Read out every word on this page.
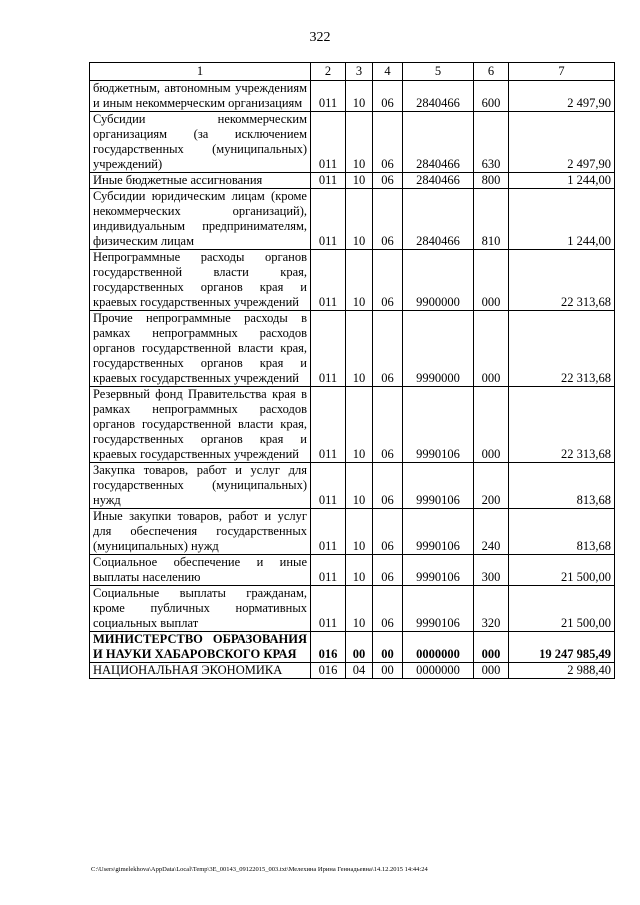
322
1	2	3	4	5	6	7
бюджетным, автономным учреждениям и иным некоммерческим организациям	011	10	06	2840466	600	2 497,90
Субсидии некоммерческим организациям (за исключением государственных (муниципальных) учреждений)	011	10	06	2840466	630	2 497,90
Иные бюджетные ассигнования	011	10	06	2840466	800	1 244,00
Субсидии юридическим лицам (кроме некоммерческих организаций), индивидуальным предпринимателям, физическим лицам	011	10	06	2840466	810	1 244,00
Непрограммные расходы органов государственной власти края, государственных органов края и краевых государственных учреждений	011	10	06	9900000	000	22 313,68
Прочие непрограммные расходы в рамках непрограммных расходов органов государственной власти края, государственных органов края и краевых государственных учреждений	011	10	06	9990000	000	22 313,68
Резервный фонд Правительства края в рамках непрограммных расходов органов государственной власти края, государственных органов края и краевых государственных учреждений	011	10	06	9990106	000	22 313,68
Закупка товаров, работ и услуг для государственных (муниципальных) нужд	011	10	06	9990106	200	813,68
Иные закупки товаров, работ и услуг для обеспечения государственных (муниципальных) нужд	011	10	06	9990106	240	813,68
Социальное обеспечение и иные выплаты населению	011	10	06	9990106	300	21 500,00
Социальные выплаты гражданам, кроме публичных нормативных социальных выплат	011	10	06	9990106	320	21 500,00
МИНИСТЕРСТВО ОБРАЗОВАНИЯ И НАУКИ ХАБАРОВСКОГО КРАЯ	016	00	00	0000000	000	19 247 985,49
НАЦИОНАЛЬНАЯ ЭКОНОМИКА	016	04	00	0000000	000	2 988,40
C:\Users\gimelekhova\AppData\Local\Temp\3E_00143_09122015_003.txt\Мелехина Ирина Геннадьевна\14.12.2015 14:44:24
